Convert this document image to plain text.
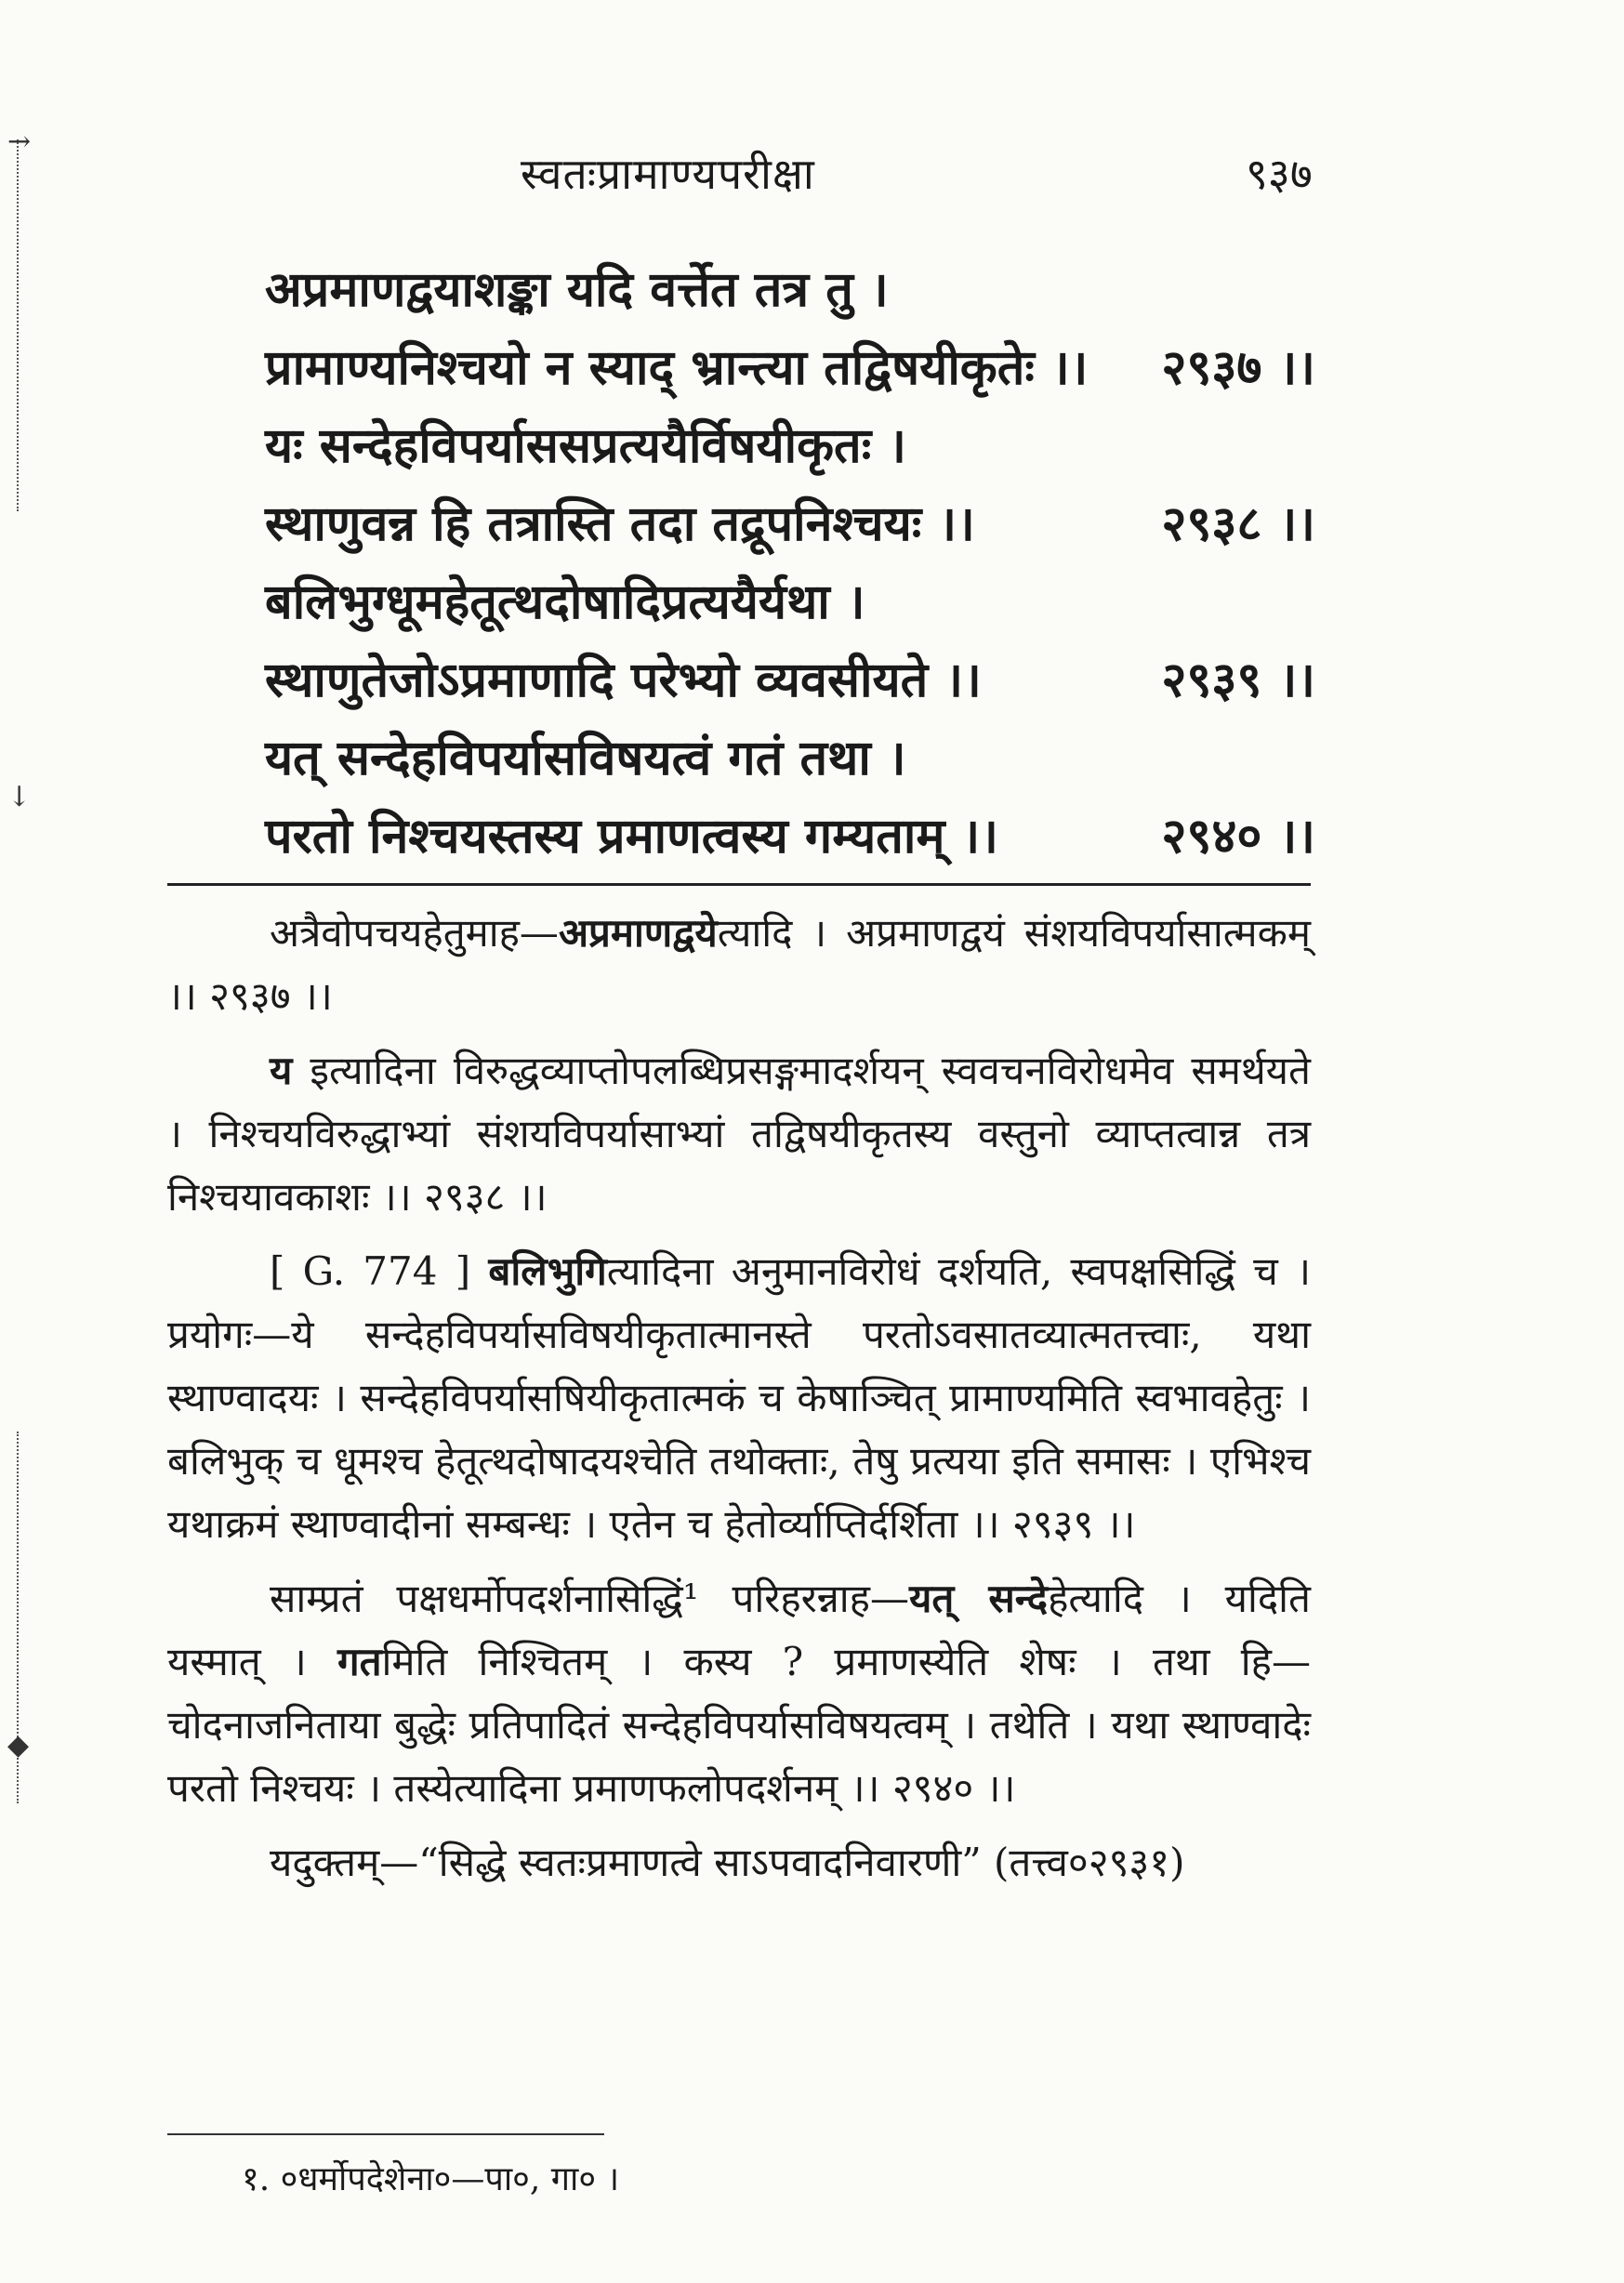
→
↓
◆
स्वतःप्रामाण्यपरीक्षा	९३७
अप्रमाणद्वयाशङ्का यदि वर्त्तेत तत्र तु ।
प्रामाण्यनिश्चयो न स्याद् भ्रान्त्या तद्विषयीकृतेः ।।	२९३७ ।।
यः सन्देहविपर्याससप्रत्ययैर्विषयीकृतः ।
स्थाणुवन्न हि तत्रास्ति तदा तद्रूपनिश्चयः ।।	२९३८ ।।
बलिभुग्धूमहेतूत्थदोषादिप्रत्ययैर्यथा ।
स्थाणुतेजोऽप्रमाणादि परेभ्यो व्यवसीयते ।।	२९३९ ।।
यत् सन्देहविपर्यासविषयत्वं गतं तथा ।
परतो निश्चयस्तस्य प्रमाणत्वस्य गम्यताम् ।।	२९४० ।।

अत्रैवोपचयहेतुमाह—अप्रमाणद्वयेत्यादि । अप्रमाणद्वयं संशयविपर्यासात्मकम् ।। २९३७ ।।

य इत्यादिना विरुद्धव्याप्तोपलब्धिप्रसङ्गमादर्शयन् स्ववचनविरोधमेव समर्थयते । निश्चयविरुद्धाभ्यां संशयविपर्यासाभ्यां तद्विषयीकृतस्य वस्तुनो व्याप्तत्वान्न तत्र निश्चयावकाशः ।। २९३८ ।।

[ G. 774 ] बलिभुगित्यादिना अनुमानविरोधं दर्शयति, स्वपक्षसिद्धिं च । प्रयोगः—ये सन्देहविपर्यासविषयीकृतात्मानस्ते परतोऽवसातव्यात्मतत्त्वाः, यथा स्थाण्वादयः । सन्देहविपर्यासषियीकृतात्मकं च केषाञ्चित् प्रामाण्यमिति स्वभावहेतुः । बलिभुक् च धूमश्च हेतूत्थदोषादयश्चेति तथोक्ताः, तेषु प्रत्यया इति समासः । एभिश्च यथाक्रमं स्थाण्वादीनां सम्बन्धः । एतेन च हेतोर्व्याप्तिर्दर्शिता ।। २९३९ ।।

साम्प्रतं पक्षधर्मोपदर्शनासिद्धिं¹ परिहरन्नाह—यत् सन्देहेत्यादि । यदिति यस्मात् । गतमिति निश्चितम् । कस्य ? प्रमाणस्येति शेषः । तथा हि—चोदनाजनिताया बुद्धेः प्रतिपादितं सन्देहविपर्यासविषयत्वम् । तथेति । यथा स्थाण्वादेः परतो निश्चयः । तस्येत्यादिना प्रमाणफलोपदर्शनम् ।। २९४० ।।

यदुक्तम्—“सिद्धे स्वतःप्रमाणत्वे साऽपवादनिवारणी” (तत्त्व०२९३१)

१. ०धर्मोपदेशेना०—पा०, गा० ।
